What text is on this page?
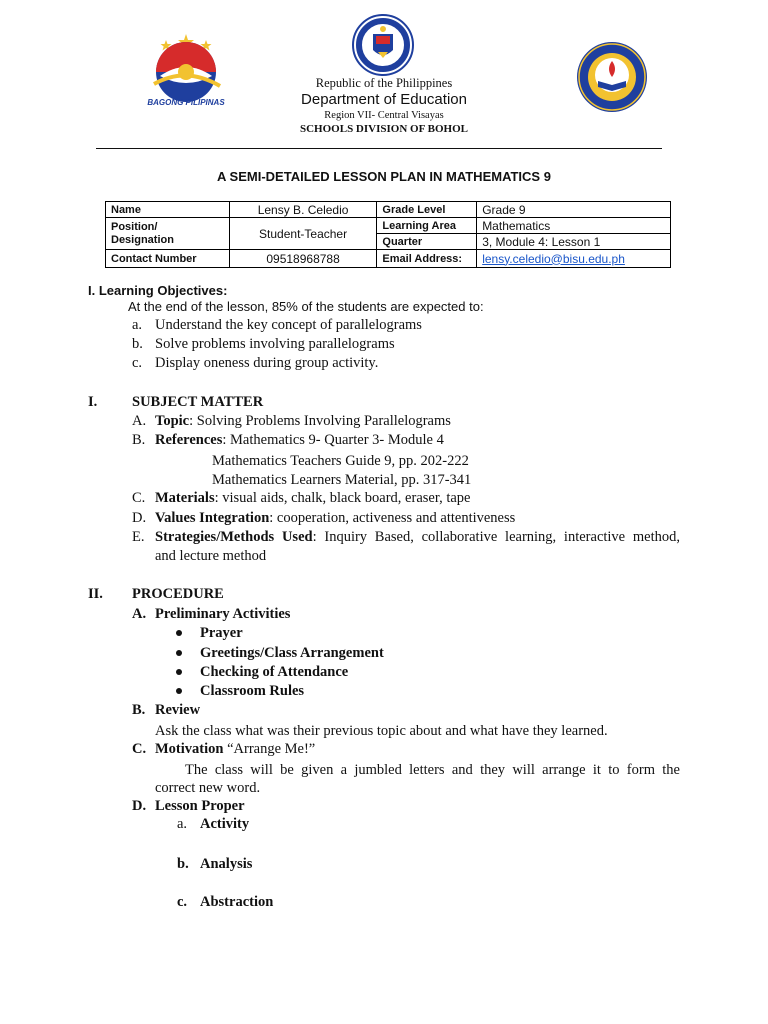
BAGONG PILIPINAS
Republic of the Philippines
Department of Education
Region VII- Central Visayas
SCHOOLS DIVISION OF BOHOL
A SEMI-DETAILED LESSON PLAN IN MATHEMATICS 9
Name	Lensy B. Celedio	Grade Level	Grade 9
Position/
Designation	Student-Teacher	Learning Area	Mathematics
		Quarter	3, Module 4: Lesson 1
Contact Number	09518968788	Email Address:	lensy.celedio@bisu.edu.ph
I. Learning Objectives:
At the end of the lesson, 85% of the students are expected to:
a. Understand the key concept of parallelograms
b. Solve problems involving parallelograms
c. Display oneness during group activity.
I. SUBJECT MATTER
A. Topic: Solving Problems Involving Parallelograms
B. References: Mathematics 9- Quarter 3- Module 4
Mathematics Teachers Guide 9, pp. 202-222
Mathematics Learners Material, pp. 317-341
C. Materials: visual aids, chalk, black board, eraser, tape
D. Values Integration: cooperation, activeness and attentiveness
E. Strategies/Methods Used: Inquiry Based, collaborative learning, interactive method,
and lecture method
II. PROCEDURE
A. Preliminary Activities
Prayer
Greetings/Class Arrangement
Checking of Attendance
Classroom Rules
B. Review
Ask the class what was their previous topic about and what have they learned.
C. Motivation “Arrange Me!”
The class will be given a jumbled letters and they will arrange it to form the
correct new word.
D. Lesson Proper
a. Activity
b. Analysis
c. Abstraction
